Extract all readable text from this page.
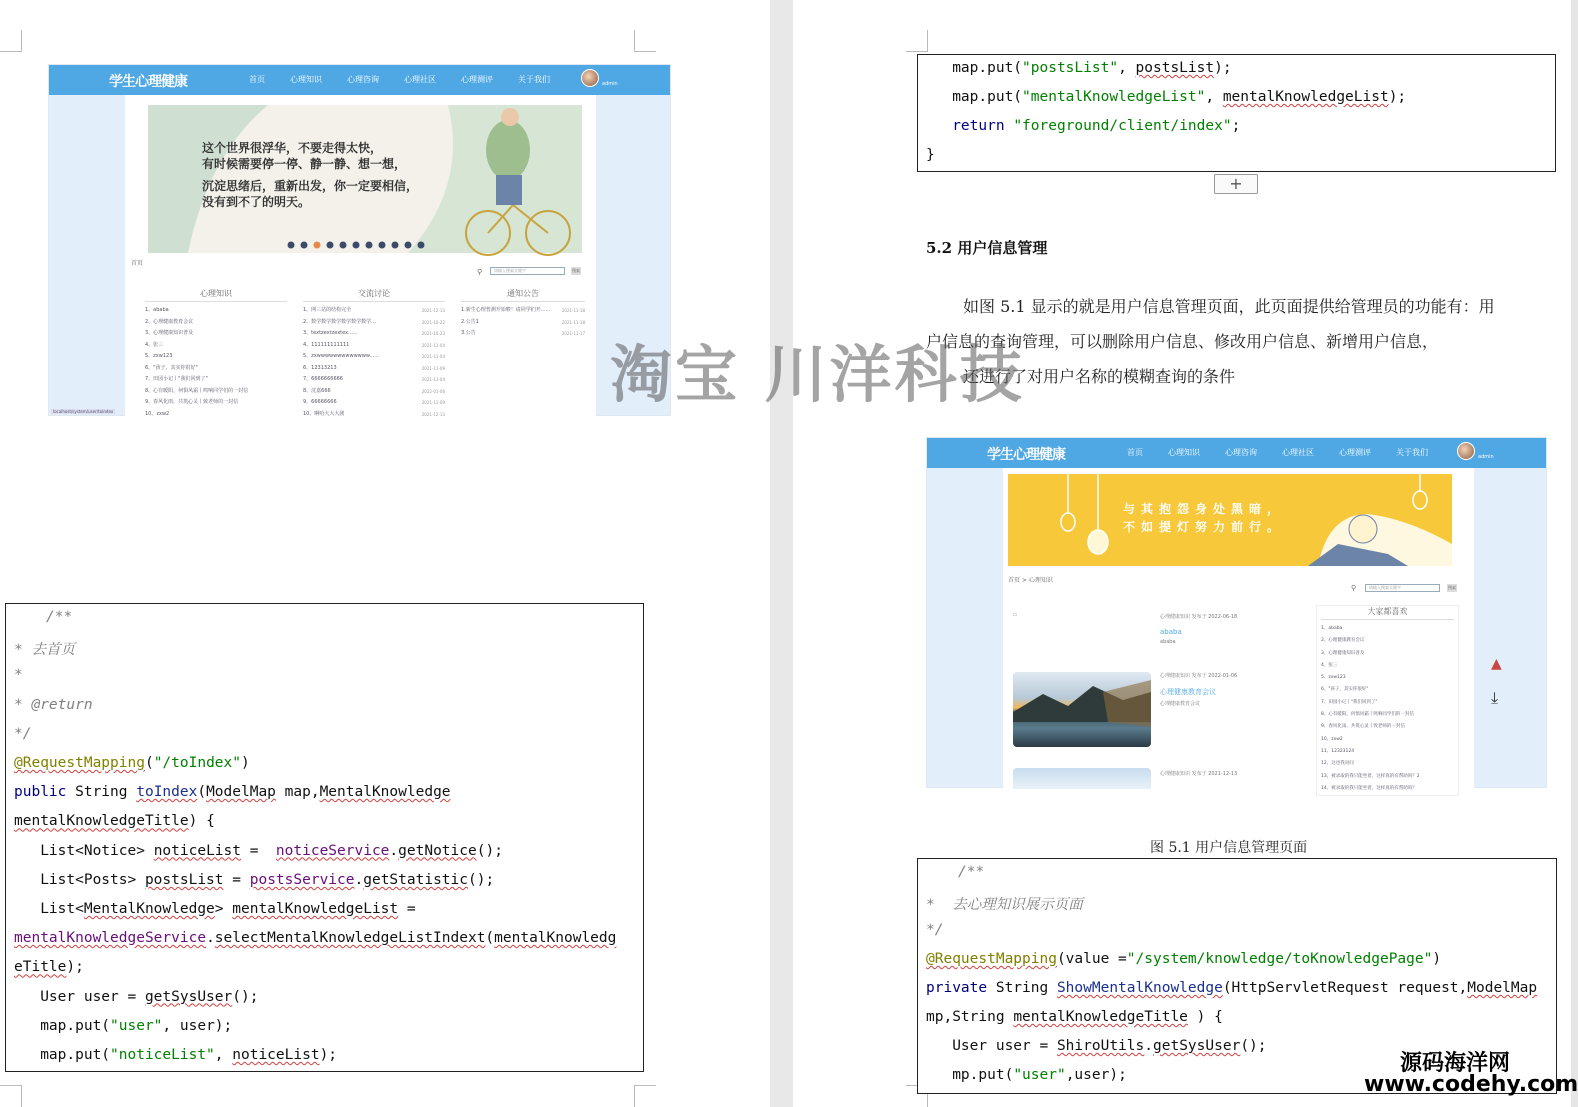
学生心理健康	首页	心理知识	心理咨询	心理社区	心理测评	关于我们	admin
这个世界很浮华，不要走得太快，
有时候需要停一停、静一静、想一想，
沉淀思绪后，重新出发，你一定要相信，
没有到不了的明天。
首页
⚲	请输入搜索关键字	搜索
心理知识
1、ababa
2、心理健康教育会议
3、心理健康知识普及
4、张三
5、zxw123
6、"孩子，其实你很好"
7、田园小记丨"我们回到了"
8、心有暖阳，何惧风霜丨鸣响同学们的一封信
9、春风化雨、共筑心灵丨致老师的一封信
10、zxw2
交流讨论
1、网三站的结构完全	2021-12-13
2、数学数学数学数学数学数学...	2021-10-22
3、textzextzextex......	2021-10-23
4、111111111111	2021-11-04
5、zxwwwwwwwwwwwww......	2021-11-04
6、12313213	2021-11-09
7、6666666666	2021-11-04
8、沈嘉666	2022-01-06
9、66666666	2021-11-09
10、啊哈大大大剧	2021-12-13
通知公告
1.新生心理普测开始啦！请同学们开......	2021-11-18
2.公告1	2021-11-18
3.公告	2021-11-17
localhost/system/user/toIndex
/**
* 去首页
*
* @return
*/
@RequestMapping("/toIndex")
public String toIndex(ModelMap map,MentalKnowledge
mentalKnowledgeTitle) {
List<Notice> noticeList =  noticeService.getNotice();
List<Posts> postsList = postsService.getStatistic();
List<MentalKnowledge> mentalKnowledgeList =
mentalKnowledgeService.selectMentalKnowledgeListIndext(mentalKnowledg
eTitle);
User user = getSysUser();
map.put("user", user);
map.put("noticeList", noticeList);
map.put("postsList", postsList);
map.put("mentalKnowledgeList", mentalKnowledgeList);
return "foreground/client/index";
}
+
5.2 用户信息管理
如图 5.1 显示的就是用户信息管理页面，此页面提供给管理员的功能有：用
户信息的查询管理，可以删除用户信息、修改用户信息、新增用户信息，
还进行了对用户名称的模糊查询的条件
学生心理健康	首页	心理知识	心理咨询	心理社区	心理测评	关于我们	admin
与其抱怨身处黑暗，
不如提灯努力前行。
首页 > 心理知识
⚲	请输入搜索关键字	搜索
▫	心理健康知识 发布于 2022-06-18
ababa
ababa
心理健康知识 发布于 2022-01-06
心理健康教育会议
心理健康教育会议
心理健康知识 发布于 2021-12-13
大家都喜欢
1、ababa
2、心理健康教育会议
3、心理健康知识普及
4、张三
5、zxw123
6、"孩子，其实你很好"
7、田园小记丨"我们回到了"
8、心有暖阳，何惧风霜丨鸣响同学们的一封信
9、春风化雨、共筑心灵丨致老师的一封信
10、zxw2
11、12323124
12、这也我问问
13、被录取的我只能坐着，这样真的有帮助吗？2
14、被录取的我只能坐着，这样真的有帮助吗？
▲
⤓
图 5.1 用户信息管理页面
/**
*  去心理知识展示页面
*/
@RequestMapping(value ="/system/knowledge/toKnowledgePage")
private String ShowMentalKnowledge(HttpServletRequest request,ModelMap
mp,String mentalKnowledgeTitle ) {
User user = ShiroUtils.getSysUser();
mp.put("user",user);
淘宝 川洋科技
源码海洋网
www.codehy.com
